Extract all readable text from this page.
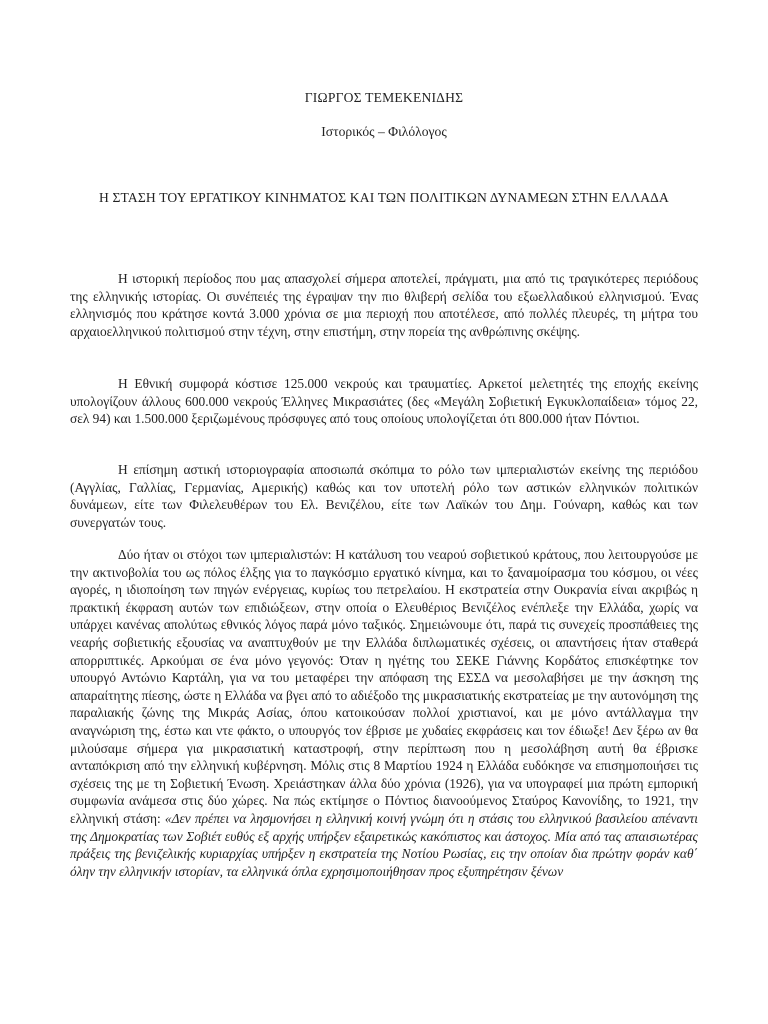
ΓΙΩΡΓΟΣ ΤΕΜΕΚΕΝΙΔΗΣ
Ιστορικός – Φιλόλογος
Η ΣΤΑΣΗ ΤΟΥ ΕΡΓΑΤΙΚΟΥ ΚΙΝΗΜΑΤΟΣ ΚΑΙ ΤΩΝ ΠΟΛΙΤΙΚΩΝ ΔΥΝΑΜΕΩΝ ΣΤΗΝ ΕΛΛΑΔΑ

Η ιστορική περίοδος που μας απασχολεί σήμερα αποτελεί, πράγματι, μια από τις τραγικότερες περιόδους της ελληνικής ιστορίας. Οι συνέπειές της έγραψαν την πιο θλιβερή σελίδα του εξωελλαδικού ελληνισμού. Ένας ελληνισμός που κράτησε κοντά 3.000 χρόνια σε μια περιοχή που αποτέλεσε, από πολλές πλευρές, τη μήτρα του αρχαιοελληνικού πολιτισμού στην τέχνη, στην επιστήμη, στην πορεία της ανθρώπινης σκέψης.

Η Εθνική συμφορά κόστισε 125.000 νεκρούς και τραυματίες. Αρκετοί μελετητές της εποχής εκείνης υπολογίζουν άλλους 600.000 νεκρούς Έλληνες Μικρασιάτες (δες «Μεγάλη Σοβιετική Εγκυκλοπαίδεια» τόμος 22, σελ 94) και 1.500.000 ξεριζωμένους πρόσφυγες από τους οποίους υπολογίζεται ότι 800.000 ήταν Πόντιοι.

Η επίσημη αστική ιστοριογραφία αποσιωπά σκόπιμα το ρόλο των ιμπεριαλιστών εκείνης της περιόδου (Αγγλίας, Γαλλίας, Γερμανίας, Αμερικής) καθώς και τον υποτελή ρόλο των αστικών ελληνικών πολιτικών δυνάμεων, είτε των Φιλελευθέρων του Ελ. Βενιζέλου, είτε των Λαϊκών του Δημ. Γούναρη, καθώς και των συνεργατών τους.

Δύο ήταν οι στόχοι των ιμπεριαλιστών: Η κατάλυση του νεαρού σοβιετικού κράτους, που λειτουργούσε με την ακτινοβολία του ως πόλος έλξης για το παγκόσμιο εργατικό κίνημα, και το ξαναμοίρασμα του κόσμου, οι νέες αγορές, η ιδιοποίηση των πηγών ενέργειας, κυρίως του πετρελαίου. Η εκστρατεία στην Ουκρανία είναι ακριβώς η πρακτική έκφραση αυτών των επιδιώξεων, στην οποία ο Ελευθέριος Βενιζέλος ενέπλεξε την Ελλάδα, χωρίς να υπάρχει κανένας απολύτως εθνικός λόγος παρά μόνο ταξικός. Σημειώνουμε ότι, παρά τις συνεχείς προσπάθειες της νεαρής σοβιετικής εξουσίας να αναπτυχθούν με την Ελλάδα διπλωματικές σχέσεις, οι απαντήσεις ήταν σταθερά απορριπτικές. Αρκούμαι σε ένα μόνο γεγονός: Όταν η ηγέτης του ΣΕΚΕ Γιάννης Κορδάτος επισκέφτηκε τον υπουργό Αντώνιο Καρτάλη, για να του μεταφέρει την απόφαση της ΕΣΣΔ να μεσολαβήσει με την άσκηση της απαραίτητης πίεσης, ώστε η Ελλάδα να βγει από το αδιέξοδο της μικρασιατικής εκστρατείας με την αυτονόμηση της παραλιακής ζώνης της Μικράς Ασίας, όπου κατοικούσαν πολλοί χριστιανοί, και με μόνο αντάλλαγμα την αναγνώριση της, έστω και ντε φάκτο, ο υπουργός τον έβρισε με χυδαίες εκφράσεις και τον έδιωξε! Δεν ξέρω αν θα μιλούσαμε σήμερα για μικρασιατική καταστροφή, στην περίπτωση που η μεσολάβηση αυτή θα έβρισκε ανταπόκριση από την ελληνική κυβέρνηση. Μόλις στις 8 Μαρτίου 1924 η Ελλάδα ευδόκησε να επισημοποιήσει τις σχέσεις της με τη Σοβιετική Ένωση. Χρειάστηκαν άλλα δύο χρόνια (1926), για να υπογραφεί μια πρώτη εμπορική συμφωνία ανάμεσα στις δύο χώρες. Να πώς εκτίμησε ο Πόντιος διανοούμενος Σταύρος Κανονίδης, το 1921, την ελληνική στάση: «Δεν πρέπει να λησμονήσει η ελληνική κοινή γνώμη ότι η στάσις του ελληνικού βασιλείου απέναντι της Δημοκρατίας των Σοβιέτ ευθύς εξ αρχής υπήρξεν εξαιρετικώς κακόπιστος και άστοχος. Μία από τας απαισιωτέρας πράξεις της βενιζελικής κυριαρχίας υπήρξεν η εκστρατεία της Νοτίου Ρωσίας, εις την οποίαν δια πρώτην φοράν καθ΄ όλην την ελληνικήν ιστορίαν, τα ελληνικά όπλα εχρησιμοποιήθησαν προς εξυπηρέτησιν ξένων
